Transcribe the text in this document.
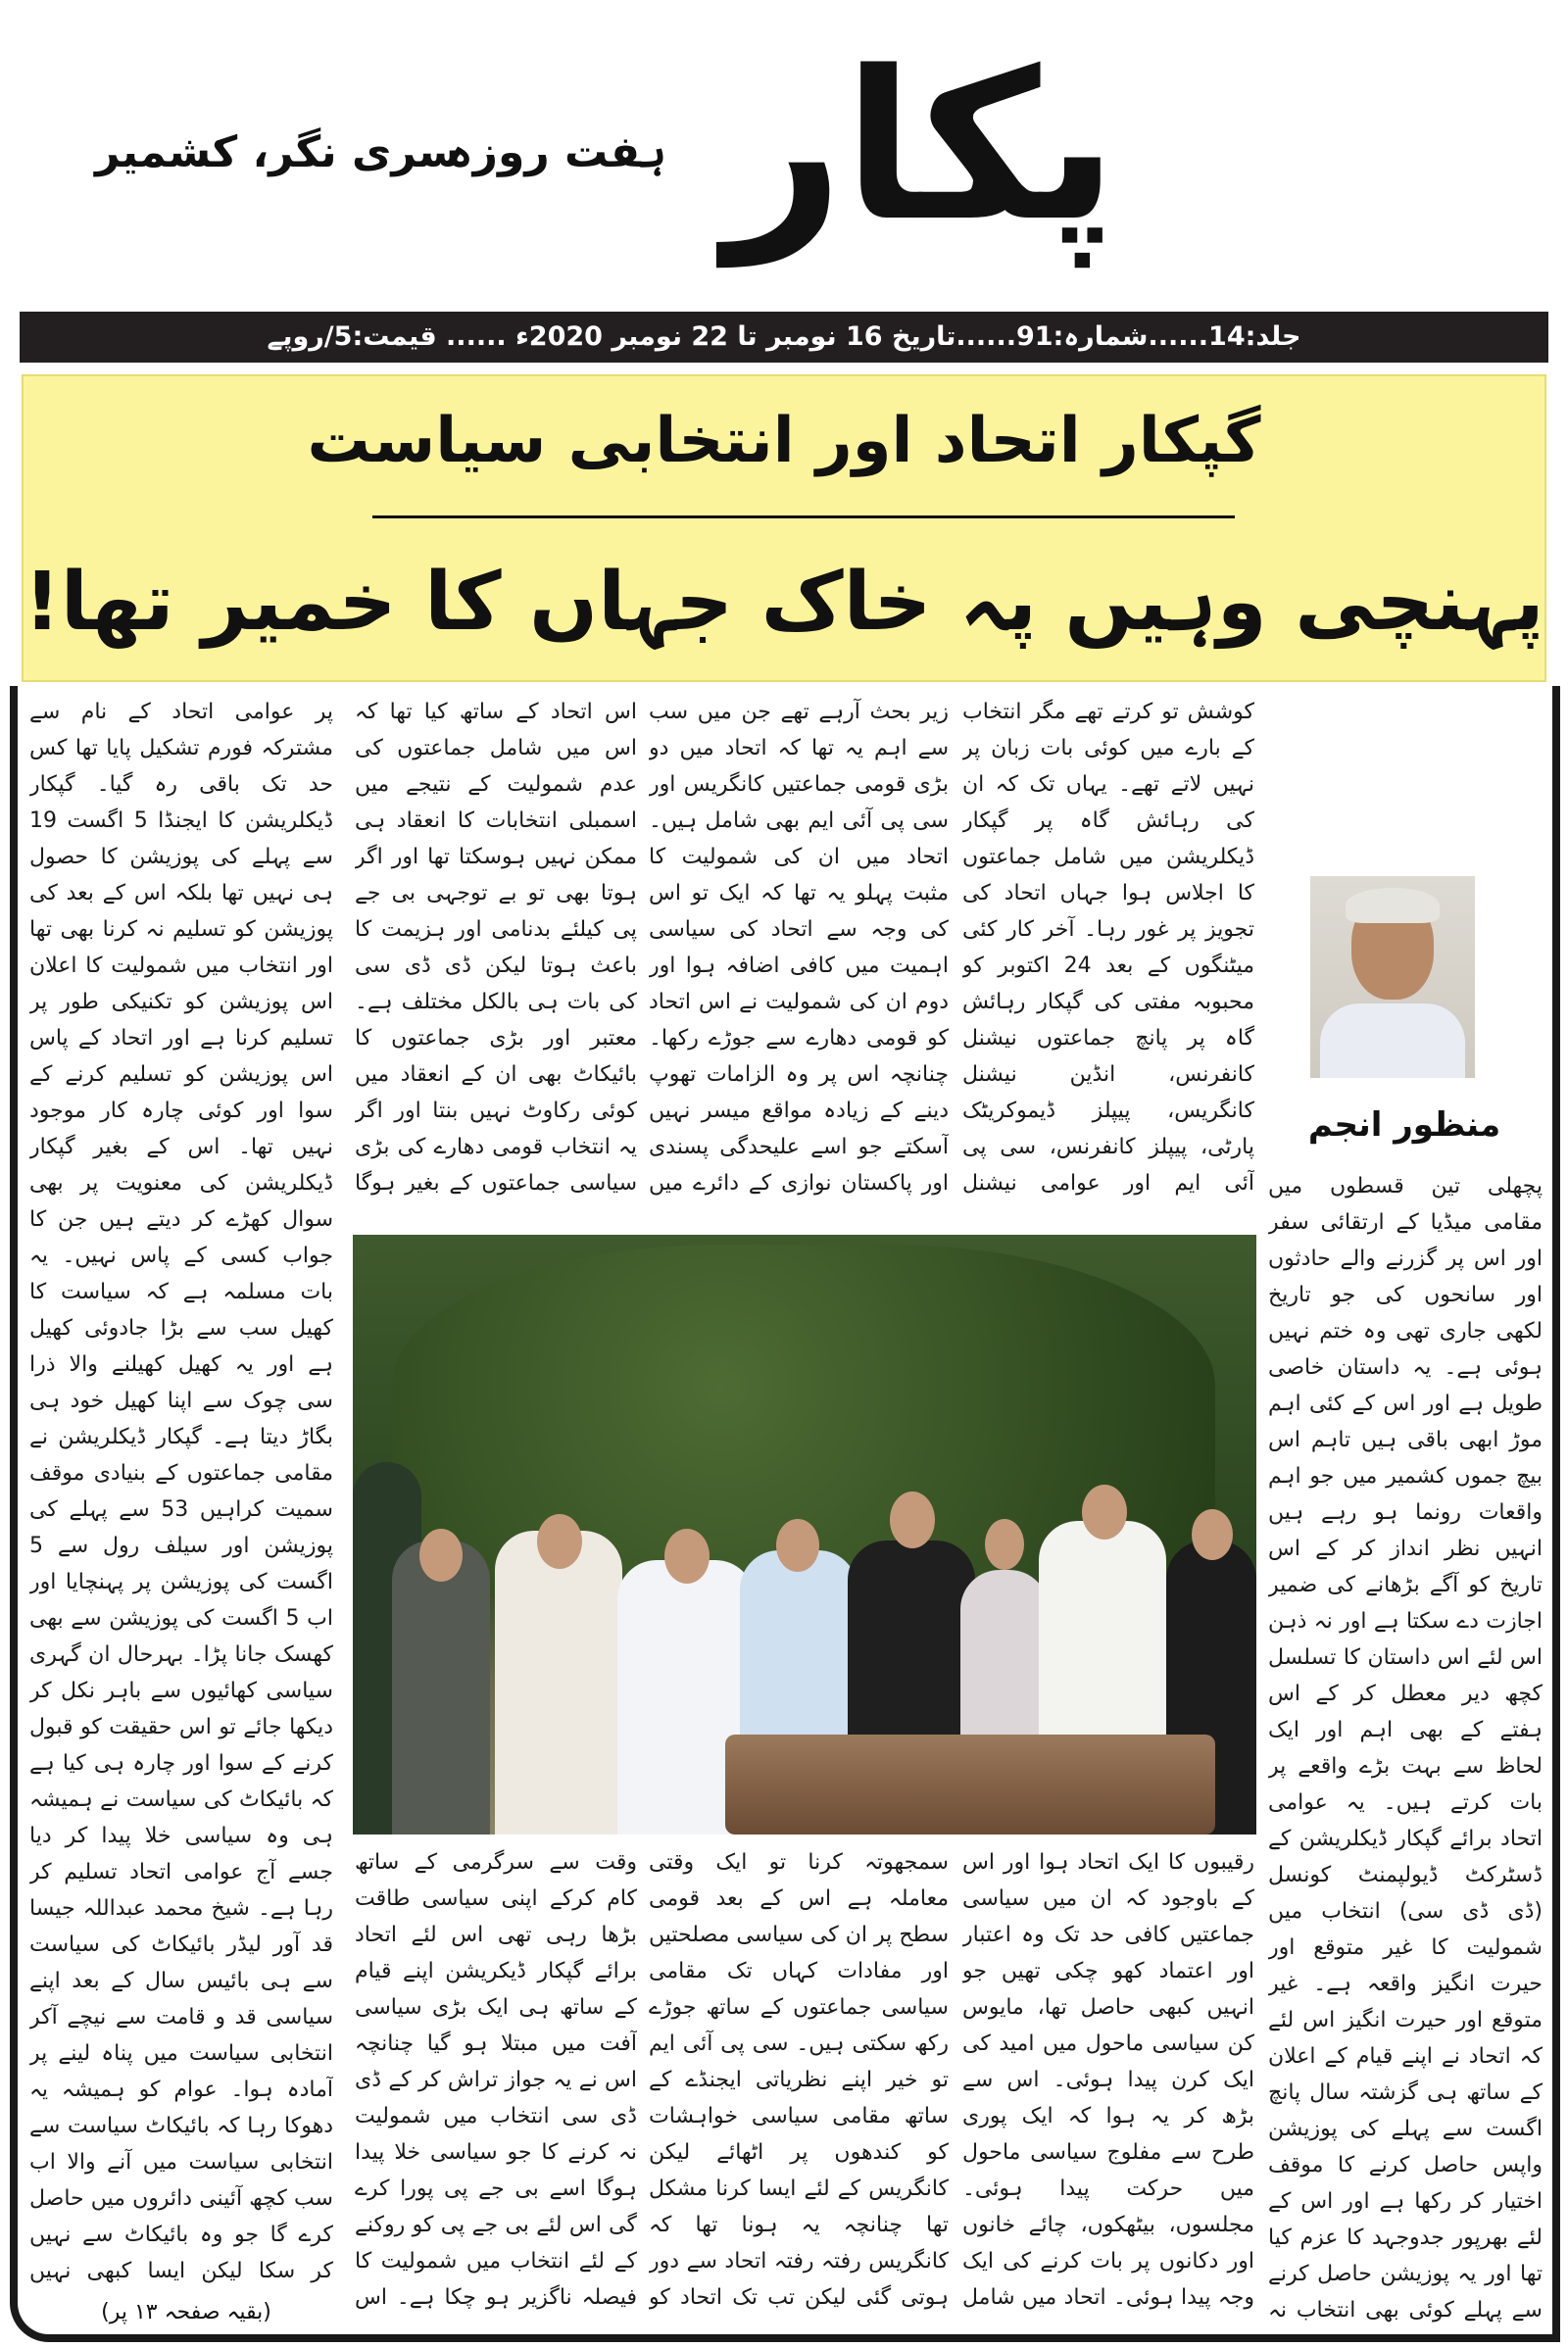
پکار
ہفت روزہ
سری نگر، کشمیر
جلد:14......شمارہ:91......تاریخ 16 نومبر تا 22 نومبر 2020ء ...... قیمت:5/روپے
گپکار اتحاد اور انتخابی سیاست
پہنچی وہیں پہ خاک جہاں کا خمیر تھا!
پر عوامی اتحاد کے نام سے مشترکہ فورم تشکیل پایا تھا کس حد تک باقی رہ گیا۔ گپکار ڈیکلریشن کا ایجنڈا 5 اگست 19 سے پہلے کی پوزیشن کا حصول ہی نہیں تھا بلکہ اس کے بعد کی پوزیشن کو تسلیم نہ کرنا بھی تھا اور انتخاب میں شمولیت کا اعلان اس پوزیشن کو تکنیکی طور پر تسلیم کرنا ہے اور اتحاد کے پاس اس پوزیشن کو تسلیم کرنے کے سوا اور کوئی چارہ کار موجود نہیں تھا۔ اس کے بغیر گپکار ڈیکلریشن کی معنویت پر بھی سوال کھڑے کر دیتے ہیں جن کا جواب کسی کے پاس نہیں۔ یہ بات مسلمہ ہے کہ سیاست کا کھیل سب سے بڑا جادوئی کھیل ہے اور یہ کھیل کھیلنے والا ذرا سی چوک سے اپنا کھیل خود ہی بگاڑ دیتا ہے۔ گپکار ڈیکلریشن نے مقامی جماعتوں کے بنیادی موقف سمیت کراہیں 53 سے پہلے کی پوزیشن اور سیلف رول سے 5 اگست کی پوزیشن پر پہنچایا اور اب 5 اگست کی پوزیشن سے بھی کھسک جانا پڑا۔ بہرحال ان گہری سیاسی کھائیوں سے باہر نکل کر دیکھا جائے تو اس حقیقت کو قبول کرنے کے سوا اور چارہ ہی کیا ہے کہ بائیکاٹ کی سیاست نے ہمیشہ ہی وہ سیاسی خلا پیدا کر دیا جسے آج عوامی اتحاد تسلیم کر رہا ہے۔ شیخ محمد عبداللہ جیسا قد آور لیڈر بائیکاٹ کی سیاست سے ہی بائیس سال کے بعد اپنے سیاسی قد و قامت سے نیچے آکر انتخابی سیاست میں پناہ لینے پر آمادہ ہوا۔ عوام کو ہمیشہ یہ دھوکا رہا کہ بائیکاٹ سیاست سے انتخابی سیاست میں آنے والا اب سب کچھ آئینی دائروں میں حاصل کرے گا جو وہ بائیکاٹ سے نہیں کر سکا لیکن ایسا کبھی نہیں
(بقیہ صفحہ ۱۳ پر)
اس اتحاد کے ساتھ کیا تھا کہ اس میں شامل جماعتوں کی عدم شمولیت کے نتیجے میں اسمبلی انتخابات کا انعقاد ہی ممکن نہیں ہوسکتا تھا اور اگر ہوتا بھی تو بے توجہی بی جے پی کیلئے بدنامی اور ہزیمت کا باعث ہوتا لیکن ڈی ڈی سی کی بات ہی بالکل مختلف ہے۔ معتبر اور بڑی جماعتوں کا بائیکاٹ بھی ان کے انعقاد میں کوئی رکاوٹ نہیں بنتا اور اگر یہ انتخاب قومی دھارے کی بڑی سیاسی جماعتوں کے بغیر ہوگا
زیر بحث آرہے تھے جن میں سب سے اہم یہ تھا کہ اتحاد میں دو بڑی قومی جماعتیں کانگریس اور سی پی آئی ایم بھی شامل ہیں۔ اتحاد میں ان کی شمولیت کا مثبت پہلو یہ تھا کہ ایک تو اس کی وجہ سے اتحاد کی سیاسی اہمیت میں کافی اضافہ ہوا اور دوم ان کی شمولیت نے اس اتحاد کو قومی دھارے سے جوڑے رکھا۔ چنانچہ اس پر وہ الزامات تھوپ دینے کے زیادہ مواقع میسر نہیں آسکتے جو اسے علیحدگی پسندی اور پاکستان نوازی کے دائرے میں
کوشش تو کرتے تھے مگر انتخاب کے بارے میں کوئی بات زبان پر نہیں لاتے تھے۔ یہاں تک کہ ان کی رہائش گاہ پر گپکار ڈیکلریشن میں شامل جماعتوں کا اجلاس ہوا جہاں اتحاد کی تجویز پر غور رہا۔ آخر کار کئی میٹنگوں کے بعد 24 اکتوبر کو محبوبہ مفتی کی گپکار رہائش گاہ پر پانچ جماعتوں نیشنل کانفرنس، انڈین نیشنل کانگریس، پیپلز ڈیموکریٹک پارٹی، پیپلز کانفرنس، سی پی آئی ایم اور عوامی نیشنل
منظور انجم
پچھلی تین قسطوں میں مقامی میڈیا کے ارتقائی سفر اور اس پر گزرنے والے حادثوں اور سانحوں کی جو تاریخ لکھی جاری تھی وہ ختم نہیں ہوئی ہے۔ یہ داستان خاصی طویل ہے اور اس کے کئی اہم موڑ ابھی باقی ہیں تاہم اس بیچ جموں کشمیر میں جو اہم واقعات رونما ہو رہے ہیں انہیں نظر انداز کر کے اس تاریخ کو آگے بڑھانے کی ضمیر اجازت دے سکتا ہے اور نہ ذہن اس لئے اس داستان کا تسلسل کچھ دیر معطل کر کے اس ہفتے کے بھی اہم اور ایک لحاظ سے بہت بڑے واقعے پر بات کرتے ہیں۔ یہ عوامی اتحاد برائے گپکار ڈیکلریشن کے ڈسٹرکٹ ڈیولپمنٹ کونسل (ڈی ڈی سی) انتخاب میں شمولیت کا غیر متوقع اور حیرت انگیز واقعہ ہے۔ غیر متوقع اور حیرت انگیز اس لئے کہ اتحاد نے اپنے قیام کے اعلان کے ساتھ ہی گزشتہ سال پانچ اگست سے پہلے کی پوزیشن واپس حاصل کرنے کا موقف اختیار کر رکھا ہے اور اس کے لئے بھرپور جدوجہد کا عزم کیا تھا اور یہ پوزیشن حاصل کرنے سے پہلے کوئی بھی انتخاب نہ
وقت سے سرگرمی کے ساتھ کام کرکے اپنی سیاسی طاقت بڑھا رہی تھی اس لئے اتحاد برائے گپکار ڈیکریشن اپنے قیام کے ساتھ ہی ایک بڑی سیاسی آفت میں مبتلا ہو گیا چنانچہ اس نے یہ جواز تراش کر کے ڈی ڈی سی انتخاب میں شمولیت نہ کرنے کا جو سیاسی خلا پیدا ہوگا اسے بی جے پی پورا کرے گی اس لئے بی جے پی کو روکنے کے لئے انتخاب میں شمولیت کا فیصلہ ناگزیر ہو چکا ہے۔ اس
سمجھوتہ کرنا تو ایک وقتی معاملہ ہے اس کے بعد قومی سطح پر ان کی سیاسی مصلحتیں اور مفادات کہاں تک مقامی سیاسی جماعتوں کے ساتھ جوڑے رکھ سکتی ہیں۔ سی پی آئی ایم تو خیر اپنے نظریاتی ایجنڈے کے ساتھ مقامی سیاسی خواہشات کو کندھوں پر اٹھائے لیکن کانگریس کے لئے ایسا کرنا مشکل تھا چنانچہ یہ ہونا تھا کہ کانگریس رفتہ رفتہ اتحاد سے دور ہوتی گئی لیکن تب تک اتحاد کو
رقیبوں کا ایک اتحاد ہوا اور اس کے باوجود کہ ان میں سیاسی جماعتیں کافی حد تک وہ اعتبار اور اعتماد کھو چکی تھیں جو انہیں کبھی حاصل تھا، مایوس کن سیاسی ماحول میں امید کی ایک کرن پیدا ہوئی۔ اس سے بڑھ کر یہ ہوا کہ ایک پوری طرح سے مفلوج سیاسی ماحول میں حرکت پیدا ہوئی۔ مجلسوں، بیٹھکوں، چائے خانوں اور دکانوں پر بات کرنے کی ایک وجہ پیدا ہوئی۔ اتحاد میں شامل
